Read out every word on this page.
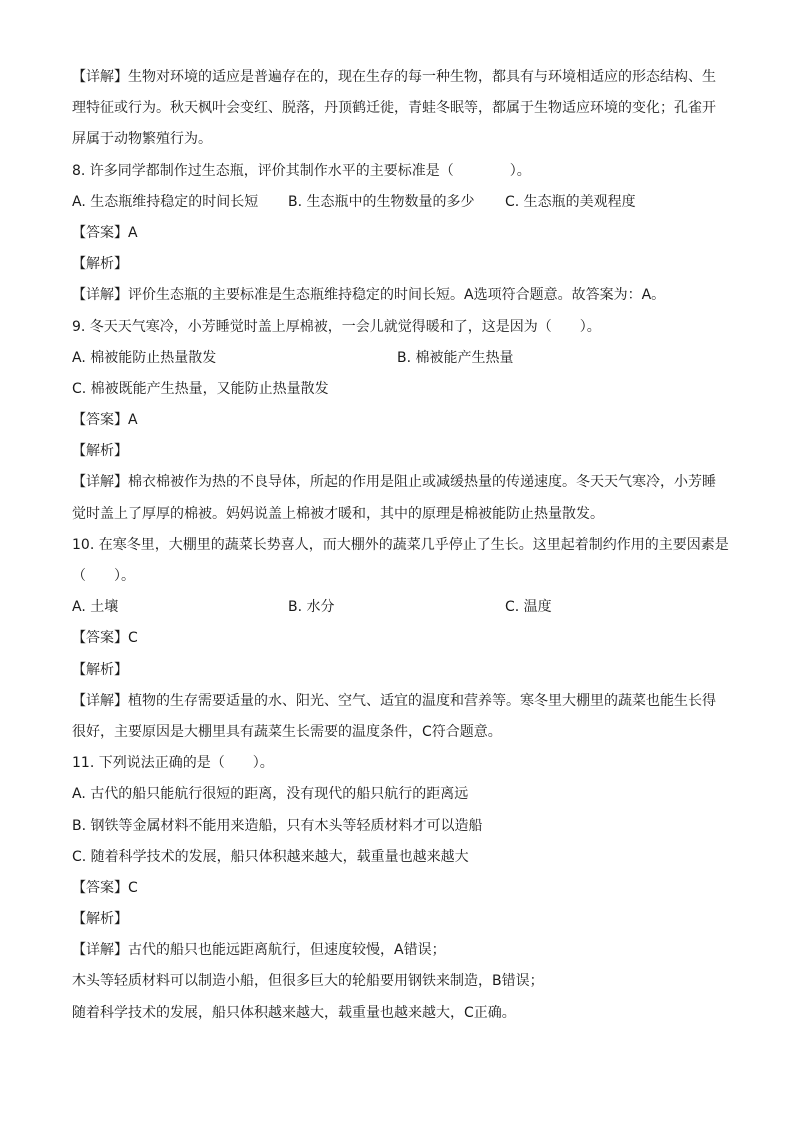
【详解】生物对环境的适应是普遍存在的，现在生存的每一种生物，都具有与环境相适应的形态结构、生
理特征或行为。秋天枫叶会变红、脱落，丹顶鹤迁徙，青蛙冬眠等，都属于生物适应环境的变化；孔雀开
屏属于动物繁殖行为。
8. 许多同学都制作过生态瓶，评价其制作水平的主要标准是（　　　　）。
A. 生态瓶维持稳定的时间长短	B. 生态瓶中的生物数量的多少	C. 生态瓶的美观程度
【答案】A
【解析】
【详解】评价生态瓶的主要标准是生态瓶维持稳定的时间长短。A选项符合题意。故答案为：A。
9. 冬天天气寒冷，小芳睡觉时盖上厚棉被，一会儿就觉得暖和了，这是因为（　　）。
A. 棉被能防止热量散发	B. 棉被能产生热量
C. 棉被既能产生热量，又能防止热量散发
【答案】A
【解析】
【详解】棉衣棉被作为热的不良导体，所起的作用是阻止或减缓热量的传递速度。冬天天气寒冷，小芳睡
觉时盖上了厚厚的棉被。妈妈说盖上棉被才暖和，其中的原理是棉被能防止热量散发。
10. 在寒冬里，大棚里的蔬菜长势喜人，而大棚外的蔬菜几乎停止了生长。这里起着制约作用的主要因素是
（　　）。
A. 土壤	B. 水分	C. 温度
【答案】C
【解析】
【详解】植物的生存需要适量的水、阳光、空气、适宜的温度和营养等。寒冬里大棚里的蔬菜也能生长得
很好，主要原因是大棚里具有蔬菜生长需要的温度条件，C符合题意。
11. 下列说法正确的是（　　）。
A. 古代的船只能航行很短的距离，没有现代的船只航行的距离远
B. 钢铁等金属材料不能用来造船，只有木头等轻质材料才可以造船
C. 随着科学技术的发展，船只体积越来越大，载重量也越来越大
【答案】C
【解析】
【详解】古代的船只也能远距离航行，但速度较慢，A错误；
木头等轻质材料可以制造小船，但很多巨大的轮船要用钢铁来制造，B错误；
随着科学技术的发展，船只体积越来越大，载重量也越来越大，C正确。
